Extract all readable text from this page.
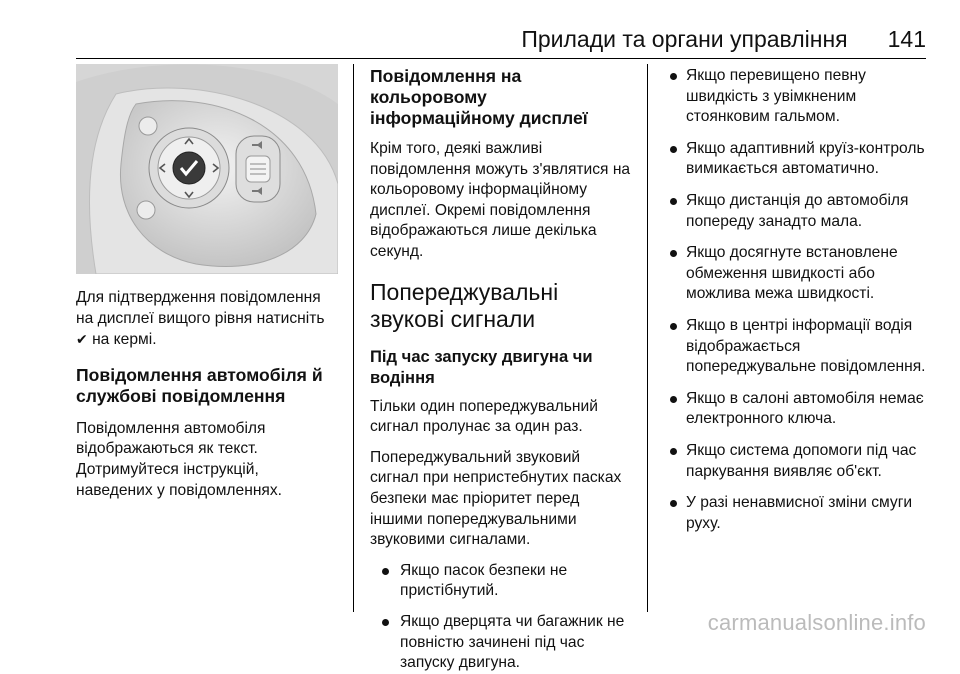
Прилади та органи управління 141

Для підтвердження повідомлення на дисплеї вищого рівня натисніть ✔ на кермі.

Повідомлення автомобіля й службові повідомлення

Повідомлення автомобіля відображаються як текст. Дотримуйтеся інструкцій, наведених у повідомленнях.

Повідомлення на кольоровому інформаційному дисплеї

Крім того, деякі важливі повідомлення можуть з'являтися на кольоровому інформаційному дисплеї. Окремі повідомлення відображаються лише декілька секунд.

Попереджувальні звукові сигнали
Під час запуску двигуна чи водіння

Тільки один попереджувальний сигнал пролунає за один раз.

Попереджувальний звуковий сигнал при непристебнутих пасках безпеки має пріоритет перед іншими попереджувальними звуковими сигналами.

Якщо пасок безпеки не пристібнутий.
Якщо дверцята чи багажник не повністю зачинені під час запуску двигуна.
Якщо перевищено певну швидкість з увімкненим стоянковим гальмом.
Якщо адаптивний круїз-контроль вимикається автоматично.
Якщо дистанція до автомобіля попереду занадто мала.
Якщо досягнуте встановлене обмеження швидкості або можлива межа швидкості.
Якщо в центрі інформації водія відображається попереджувальне повідомлення.
Якщо в салоні автомобіля немає електронного ключа.
Якщо система допомоги під час паркування виявляє об'єкт.
У разі ненавмисної зміни смуги руху.
carmanualsonline.info
